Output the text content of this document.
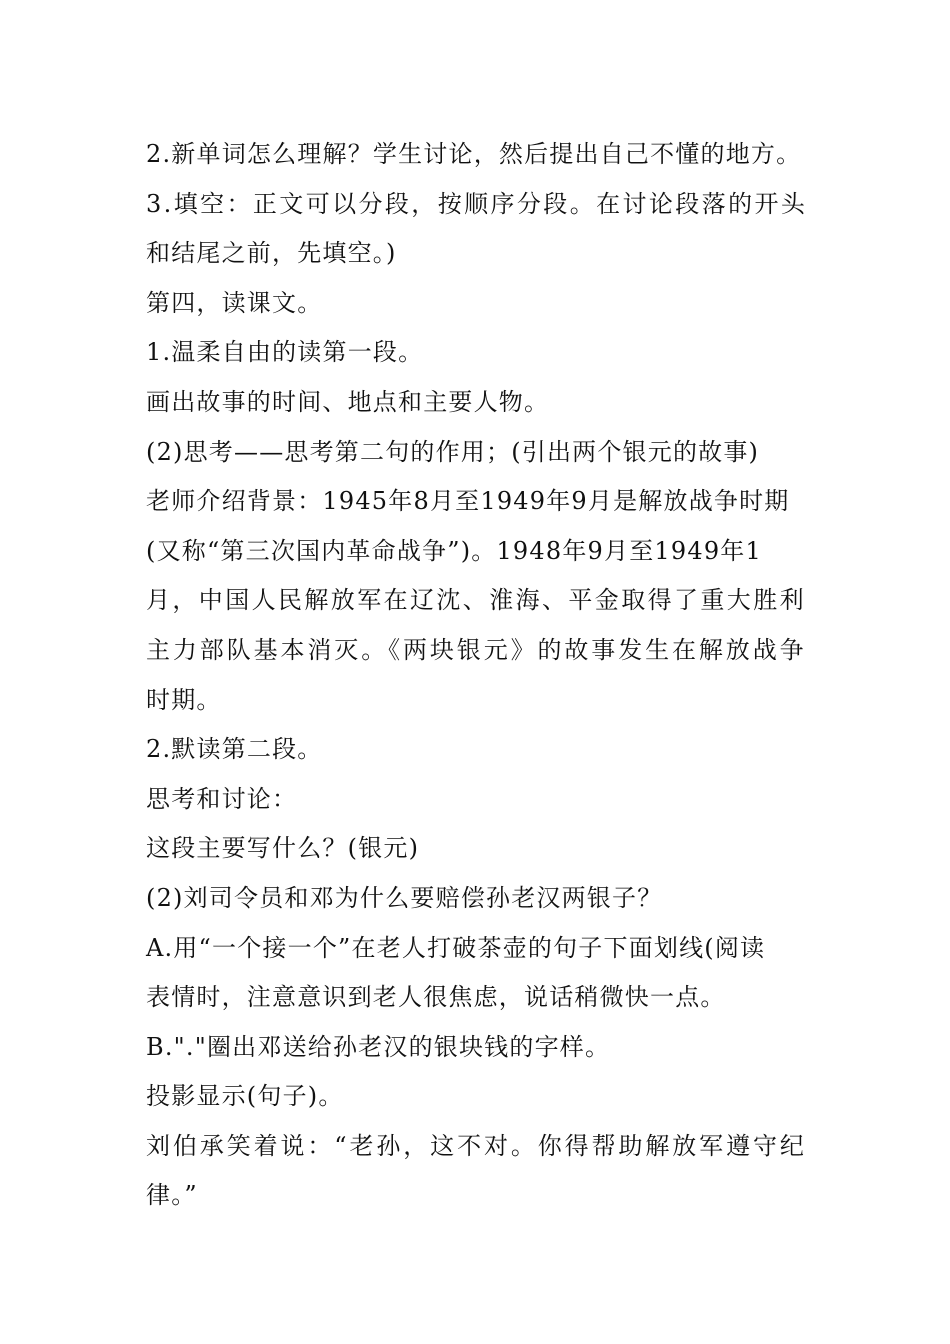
2.新单词怎么理解？学生讨论，然后提出自己不懂的地方。
3.填空：正文可以分段，按顺序分段。在讨论段落的开头
和结尾之前，先填空。)
第四，读课文。
1.温柔自由的读第一段。
画出故事的时间、地点和主要人物。
(2)思考——思考第二句的作用；(引出两个银元的故事)
老师介绍背景：1945年8月至1949年9月是解放战争时期
(又称“第三次国内革命战争”)。1948年9月至1949年1
月，中国人民解放军在辽沈、淮海、平金取得了重大胜利
主力部队基本消灭。《两块银元》的故事发生在解放战争
时期。
2.默读第二段。
思考和讨论：
这段主要写什么？(银元)
(2)刘司令员和邓为什么要赔偿孙老汉两银子？
A.用“一个接一个”在老人打破茶壶的句子下面划线(阅读
表情时，注意意识到老人很焦虑，说话稍微快一点。
B."."圈出邓送给孙老汉的银块钱的字样。
投影显示(句子)。
刘伯承笑着说：“老孙，这不对。你得帮助解放军遵守纪
律。”
